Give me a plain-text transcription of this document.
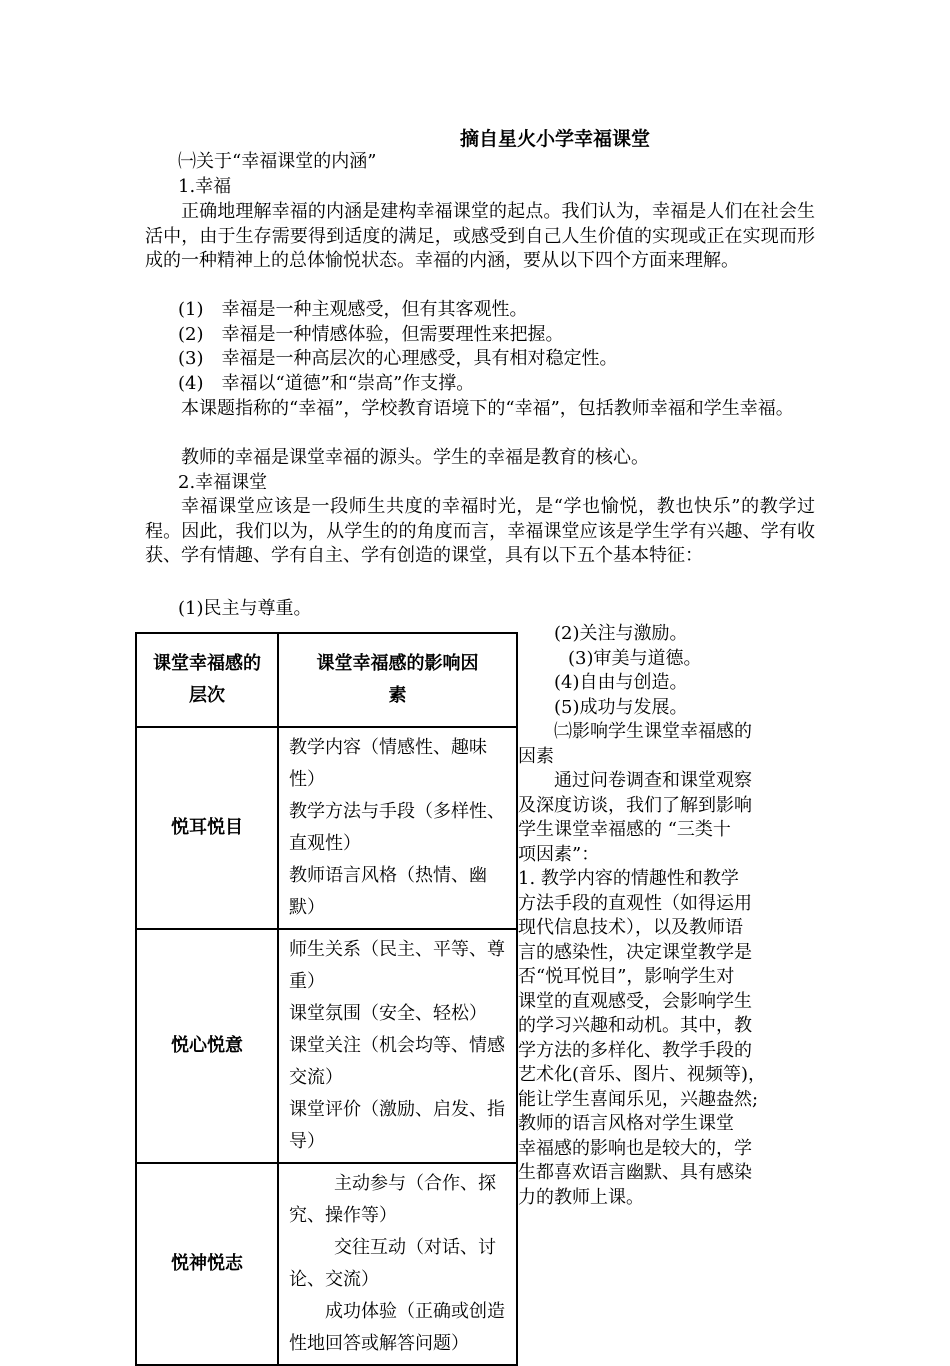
摘自星火小学幸福课堂
㈠关于“幸福课堂的内涵”
1.幸福
正确地理解幸福的内涵是建构幸福课堂的起点。我们认为，幸福是人们在社会生活中，由于生存需要得到适度的满足，或感受到自己人生价值的实现或正在实现而形成的一种精神上的总体愉悦状态。幸福的内涵，要从以下四个方面来理解。
(1)　幸福是一种主观感受，但有其客观性。
(2)　幸福是一种情感体验，但需要理性来把握。
(3)　幸福是一种高层次的心理感受，具有相对稳定性。
(4)　幸福以“道德”和“崇高”作支撑。
本课题指称的“幸福”，学校教育语境下的“幸福”，包括教师幸福和学生幸福。
教师的幸福是课堂幸福的源头。学生的幸福是教育的核心。
2.幸福课堂
幸福课堂应该是一段师生共度的幸福时光，是“学也愉悦，教也快乐”的教学过程。因此，我们以为，从学生的的角度而言，幸福课堂应该是学生学有兴趣、学有收获、学有情趣、学有自主、学有创造的课堂，具有以下五个基本特征：
(1)民主与尊重。
课堂幸福感的层次	课堂幸福感的影响因素
悦耳悦目	教学内容（情感性、趣味性）
教学方法与手段（多样性、直观性）
教师语言风格（热情、幽默）

悦心悦意	师生关系（民主、平等、尊重）
课堂氛围（安全、轻松）
课堂关注（机会均等、情感交流）
课堂评价（激励、启发、指导）

悦神悦志	主动参与（合作、探究、操作等）
交往互动（对话、讨论、交流）
成功体验（正确或创造性地回答或解答问题）
(2)关注与激励。
(3)审美与道德。
(4)自由与创造。
(5)成功与发展。
㈡影响学生课堂幸福感的
因素
　通过问卷调查和课堂观察
及深度访谈，我们了解到影响
学生课堂幸福感的 “三类十
项因素”：
1. 教学内容的情趣性和教学
方法手段的直观性（如得运用
现代信息技术），以及教师语
言的感染性，决定课堂教学是
否“悦耳悦目”，影响学生对
课堂的直观感受，会影响学生
的学习兴趣和动机。其中，教
学方法的多样化、教学手段的
艺术化(音乐、图片、视频等)，
能让学生喜闻乐见，兴趣盎然;
教师的语言风格对学生课堂
幸福感的影响也是较大的，学
生都喜欢语言幽默、具有感染
力的教师上课。
